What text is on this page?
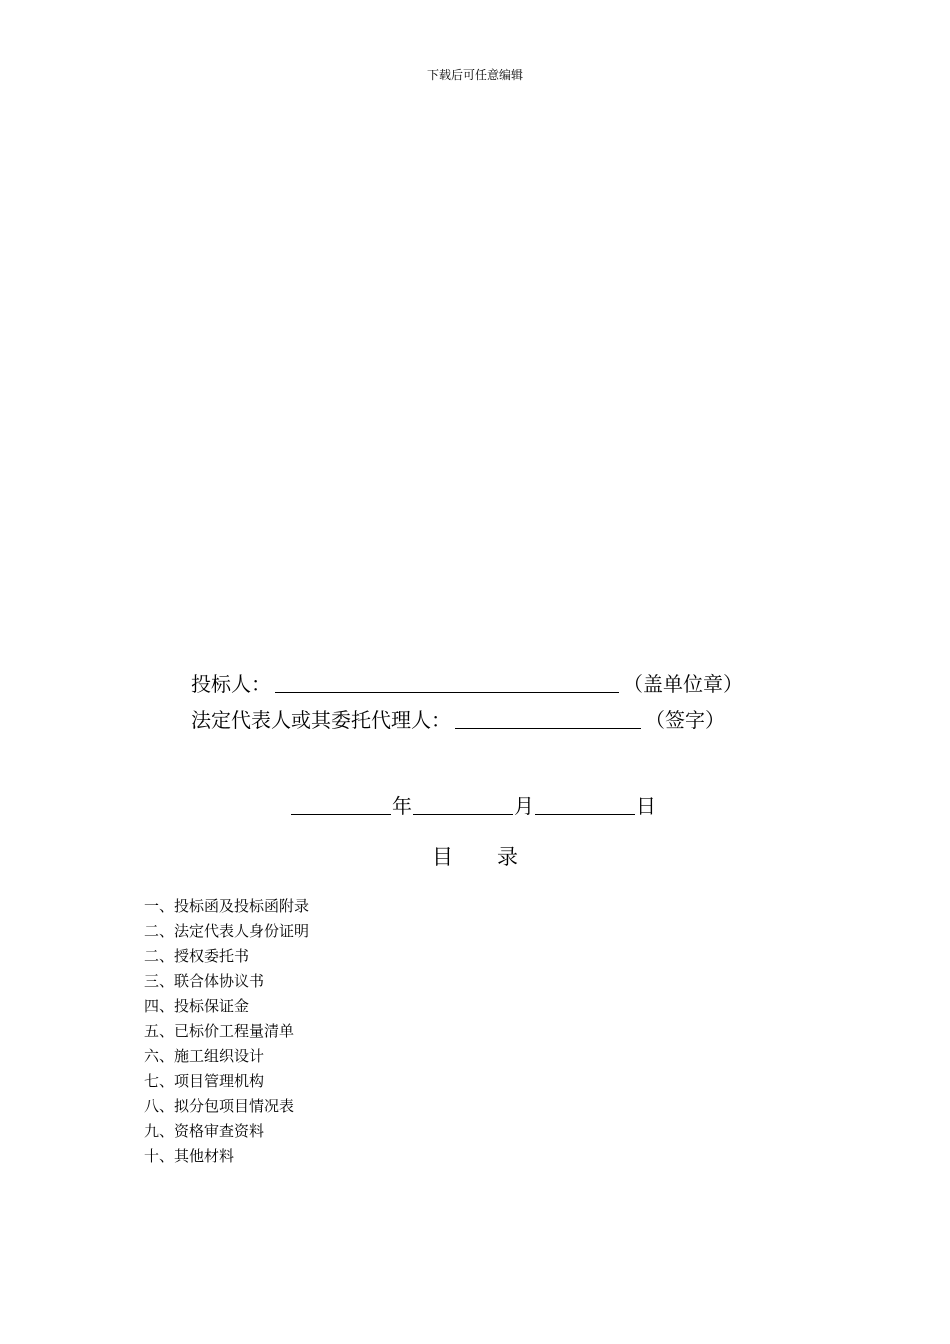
下载后可任意编辑
投标人：	（盖单位章）
法定代表人或其委托代理人：	（签字）
年	月	日
目录
一、投标函及投标函附录
二、法定代表人身份证明
二、授权委托书
三、联合体协议书
四、投标保证金
五、已标价工程量清单
六、施工组织设计
七、项目管理机构
八、拟分包项目情况表
九、资格审查资料
十、其他材料
